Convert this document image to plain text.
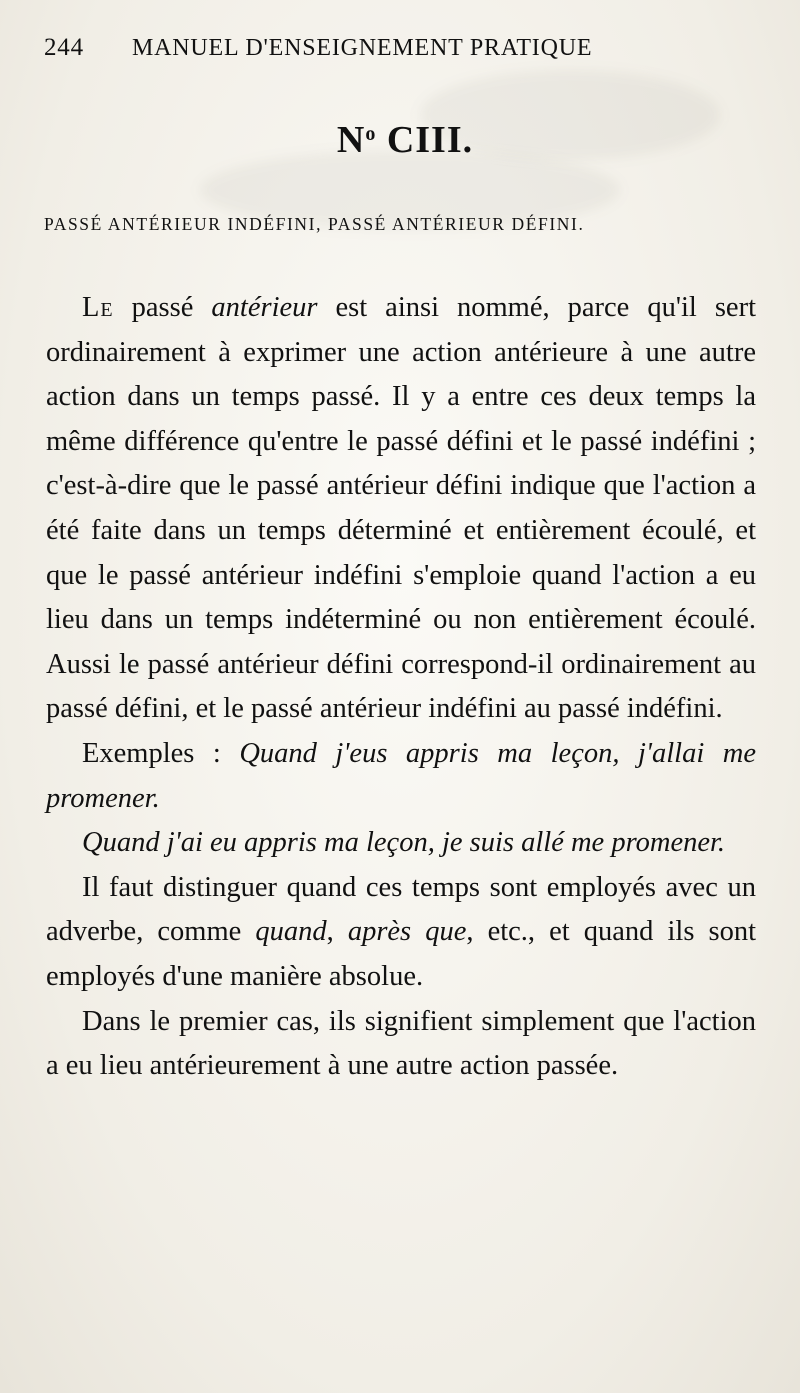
244 MANUEL D'ENSEIGNEMENT PRATIQUE
$N^o$ CIII.
PASSÉ ANTÉRIEUR INDÉFINI, PASSÉ ANTÉRIEUR DÉFINI.

Le passé antérieur est ainsi nommé, parce qu'il sert ordinairement à exprimer une action antérieure à une autre action dans un temps passé. Il y a entre ces deux temps la même différence qu'entre le passé défini et le passé indéfini ; c'est-à-dire que le passé antérieur défini indique que l'action a été faite dans un temps déterminé et entièrement écoulé, et que le passé antérieur indéfini s'emploie quand l'action a eu lieu dans un temps indéterminé ou non entièrement écoulé. Aussi le passé antérieur défini correspond-il ordinairement au passé défini, et le passé antérieur indéfini au passé indéfini.

Exemples : Quand j'eus appris ma leçon, j'allai me promener.

Quand j'ai eu appris ma leçon, je suis allé me promener.

Il faut distinguer quand ces temps sont employés avec un adverbe, comme quand, après que, etc., et quand ils sont employés d'une manière absolue.

Dans le premier cas, ils signifient simplement que l'action a eu lieu antérieurement à une autre action passée.
